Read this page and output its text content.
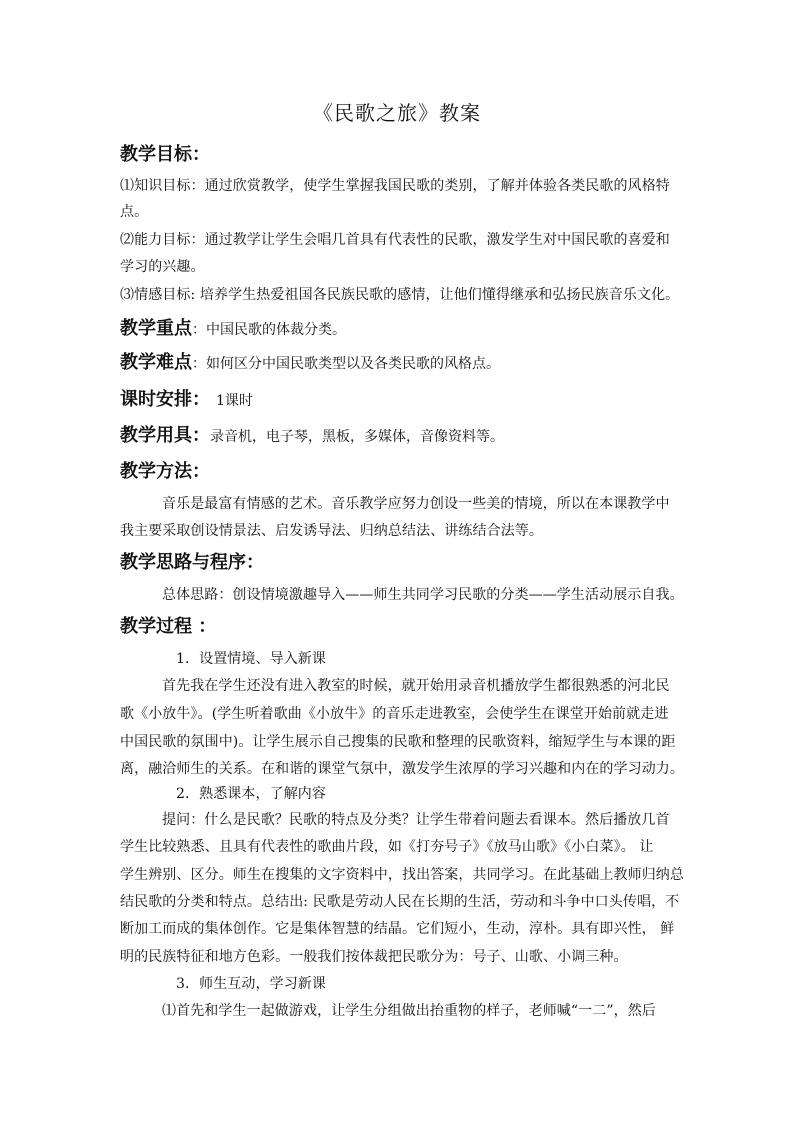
《民歌之旅》教案
教学目标：
⑴知识目标：通过欣赏教学，使学生掌握我国民歌的类别，了解并体验各类民歌的风格特
点。
⑵能力目标：通过教学让学生会唱几首具有代表性的民歌，激发学生对中国民歌的喜爱和
学习的兴趣。
⑶情感目标: 培养学生热爱祖国各民族民歌的感情，让他们懂得继承和弘扬民族音乐文化。
教学重点：中国民歌的体裁分类。
教学难点：如何区分中国民歌类型以及各类民歌的风格点。
课时安排： 1课时
教学用具：录音机，电子琴，黑板，多媒体，音像资料等。
教学方法：
音乐是最富有情感的艺术。音乐教学应努力创设一些美的情境，所以在本课教学中
我主要采取创设情景法、启发诱导法、归纳总结法、讲练结合法等。
教学思路与程序：
总体思路：创设情境激趣导入——师生共同学习民歌的分类——学生活动展示自我。
教学过程 ：
1．设置情境、导入新课
首先我在学生还没有进入教室的时候，就开始用录音机播放学生都很熟悉的河北民
歌《小放牛》。(学生听着歌曲《小放牛》的音乐走进教室，会使学生在课堂开始前就走进
中国民歌的氛围中)。让学生展示自己搜集的民歌和整理的民歌资料，缩短学生与本课的距
离，融洽师生的关系。在和谐的课堂气氛中，激发学生浓厚的学习兴趣和内在的学习动力。
2．熟悉课本，了解内容
提问：什么是民歌？民歌的特点及分类？让学生带着问题去看课本。然后播放几首
学生比较熟悉、且具有代表性的歌曲片段，如《打夯号子》《放马山歌》《小白菜》。 让
学生辨别、区分。师生在搜集的文字资料中，找出答案，共同学习。在此基础上教师归纳总
结民歌的分类和特点。总结出: 民歌是劳动人民在长期的生活，劳动和斗争中口头传唱，不
断加工而成的集体创作。它是集体智慧的结晶。它们短小，生动，淳朴。具有即兴性， 鲜
明的民族特征和地方色彩。一般我们按体裁把民歌分为：号子、山歌、小调三种。
3．师生互动，学习新课
⑴首先和学生一起做游戏，让学生分组做出抬重物的样子，老师喊“一二”，然后
